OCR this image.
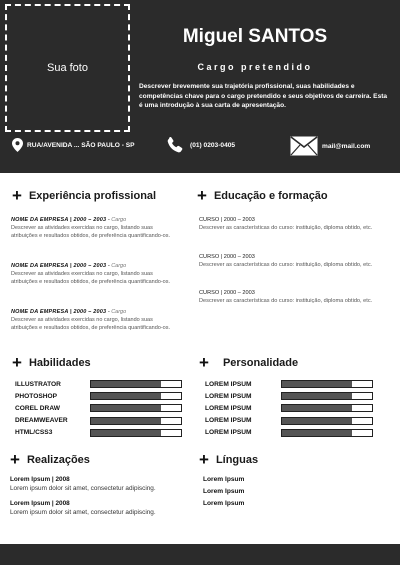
Sua foto
Miguel SANTOS
Cargo pretendido
Descrever brevemente sua trajetória profissional, suas habilidades e competências chave para o cargo pretendido e seus objetivos de carreira. Esta é uma introdução à sua carta de apresentação.
RUA/AVENIDA ... SÃO PAULO - SP	(01) 0203-0405	mail@mail.com
+ Experiência profissional
NOME DA EMPRESA | 2000 – 2003 - Cargo
Descrever as atividades exercidas no cargo, listando suas atribuições e resultados obtidos, de preferência quantificando-os.
NOME DA EMPRESA | 2000 – 2003 - Cargo
Descrever as atividades exercidas no cargo, listando suas atribuições e resultados obtidos, de preferência quantificando-os.
NOME DA EMPRESA | 2000 – 2003 - Cargo
Descrever as atividades exercidas no cargo, listando suas atribuições e resultados obtidos, de preferência quantificando-os.
+ Educação e formação
CURSO | 2000 – 2003
Descrever as características do curso: instituição, diploma obtido, etc.
CURSO | 2000 – 2003
Descrever as características do curso: instituição, diploma obtido, etc.
CURSO | 2000 – 2003
Descrever as características do curso: instituição, diploma obtido, etc.
+ Habilidades
ILLUSTRATOR
PHOTOSHOP
COREL DRAW
DREAMWEAVER
HTML/CSS3
+ Personalidade
LOREM IPSUM
LOREM IPSUM
LOREM IPSUM
LOREM IPSUM
LOREM IPSUM
+ Realizações
Lorem Ipsum | 2008
Lorem ipsum dolor sit amet, consectetur adipiscing.
Lorem Ipsum | 2008
Lorem ipsum dolor sit amet, consectetur adipiscing.
+ Línguas
Lorem Ipsum
Lorem Ipsum
Lorem Ipsum
